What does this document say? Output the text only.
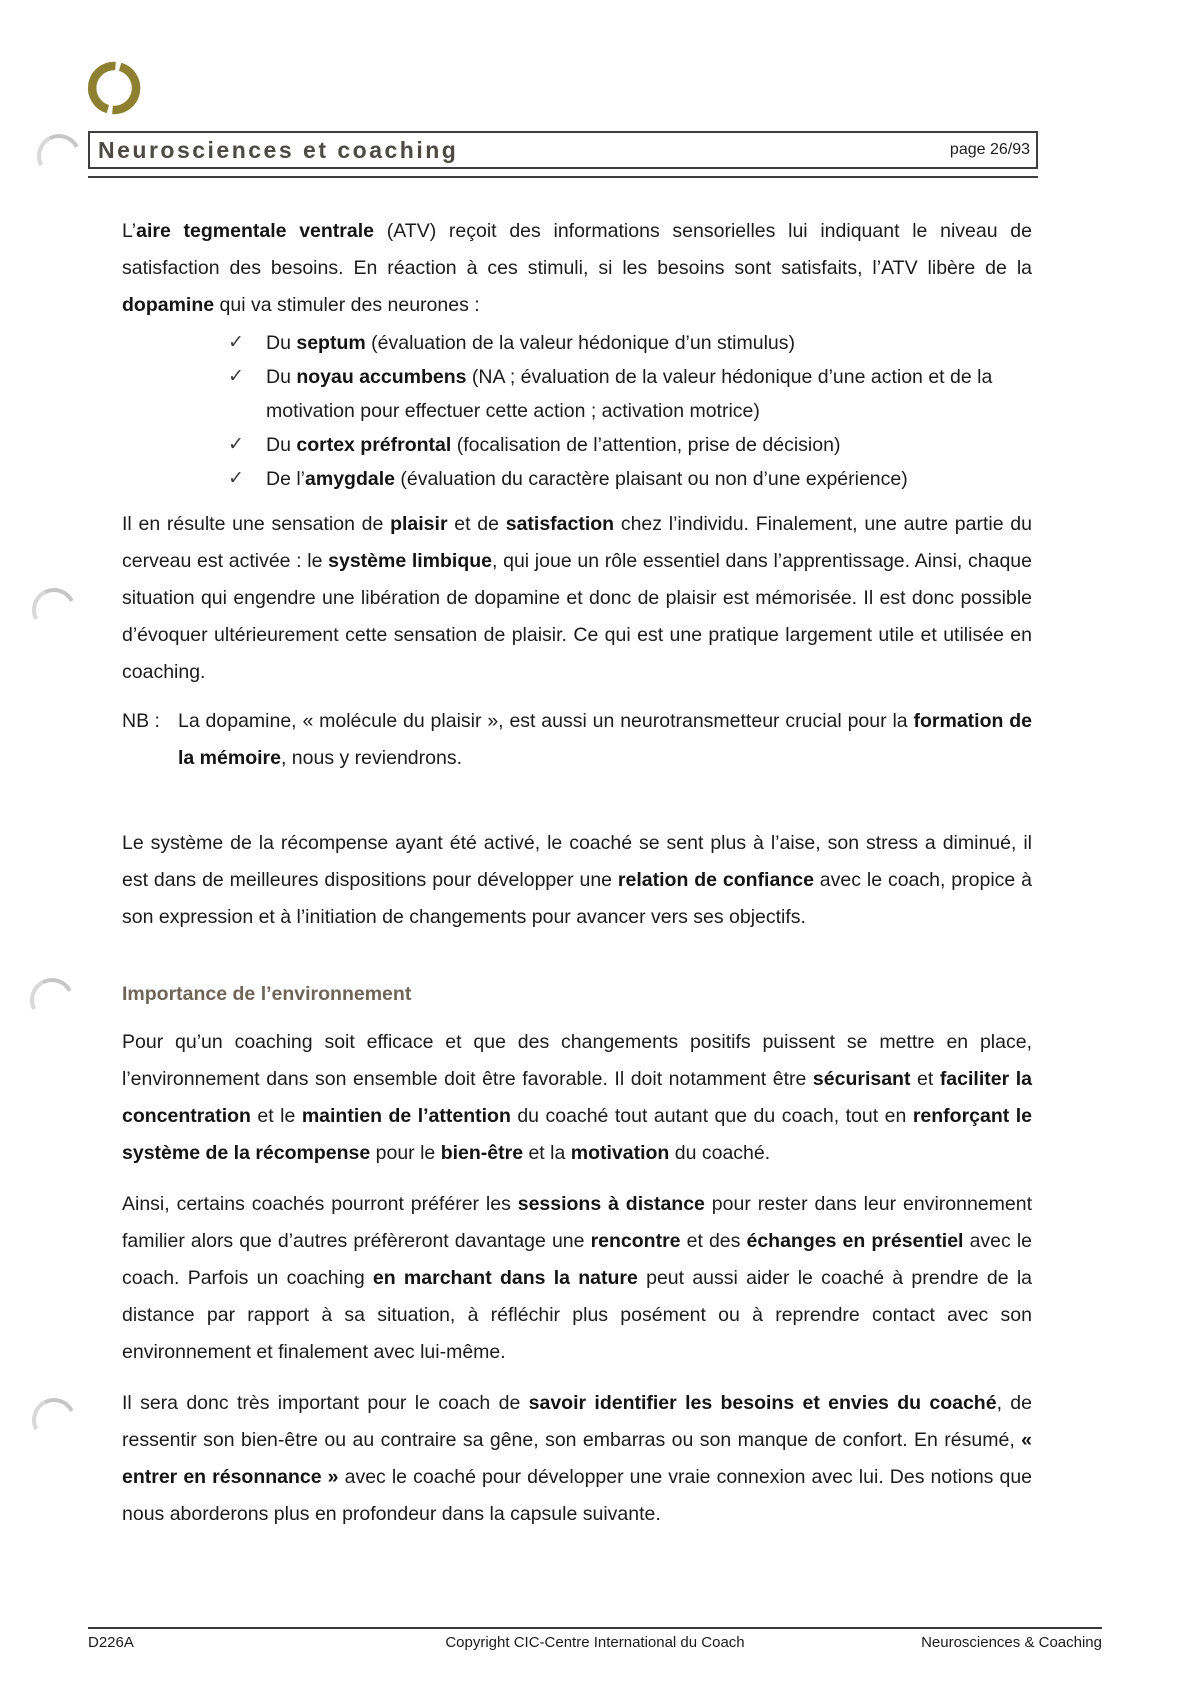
Neurosciences et coaching	page 26/93

L’aire tegmentale ventrale (ATV) reçoit des informations sensorielles lui indiquant le niveau de satisfaction des besoins. En réaction à ces stimuli, si les besoins sont satisfaits, l’ATV libère de la dopamine qui va stimuler des neurones :

✓	Du septum (évaluation de la valeur hédonique d’un stimulus)
✓	Du noyau accumbens (NA ; évaluation de la valeur hédonique d’une action et de la motivation pour effectuer cette action ; activation motrice)
✓	Du cortex préfrontal (focalisation de l’attention, prise de décision)
✓	De l’amygdale (évaluation du caractère plaisant ou non d’une expérience)

Il en résulte une sensation de plaisir et de satisfaction chez l’individu. Finalement, une autre partie du cerveau est activée : le système limbique, qui joue un rôle essentiel dans l’apprentissage. Ainsi, chaque situation qui engendre une libération de dopamine et donc de plaisir est mémorisée. Il est donc possible d’évoquer ultérieurement cette sensation de plaisir. Ce qui est une pratique largement utile et utilisée en coaching.

NB : La dopamine, « molécule du plaisir », est aussi un neurotransmetteur crucial pour la formation de la mémoire, nous y reviendrons.

Le système de la récompense ayant été activé, le coaché se sent plus à l’aise, son stress a diminué, il est dans de meilleures dispositions pour développer une relation de confiance avec le coach, propice à son expression et à l’initiation de changements pour avancer vers ses objectifs.

Importance de l’environnement

Pour qu’un coaching soit efficace et que des changements positifs puissent se mettre en place, l’environnement dans son ensemble doit être favorable. Il doit notamment être sécurisant et faciliter la concentration et le maintien de l’attention du coaché tout autant que du coach, tout en renforçant le système de la récompense pour le bien-être et la motivation du coaché.

Ainsi, certains coachés pourront préférer les sessions à distance pour rester dans leur environnement familier alors que d’autres préfèreront davantage une rencontre et des échanges en présentiel avec le coach. Parfois un coaching en marchant dans la nature peut aussi aider le coaché à prendre de la distance par rapport à sa situation, à réfléchir plus posément ou à reprendre contact avec son environnement et finalement avec lui-même.

Il sera donc très important pour le coach de savoir identifier les besoins et envies du coaché, de ressentir son bien-être ou au contraire sa gêne, son embarras ou son manque de confort. En résumé, « entrer en résonnance » avec le coaché pour développer une vraie connexion avec lui. Des notions que nous aborderons plus en profondeur dans la capsule suivante.

D226A	Copyright CIC-Centre International du Coach	Neurosciences & Coaching
